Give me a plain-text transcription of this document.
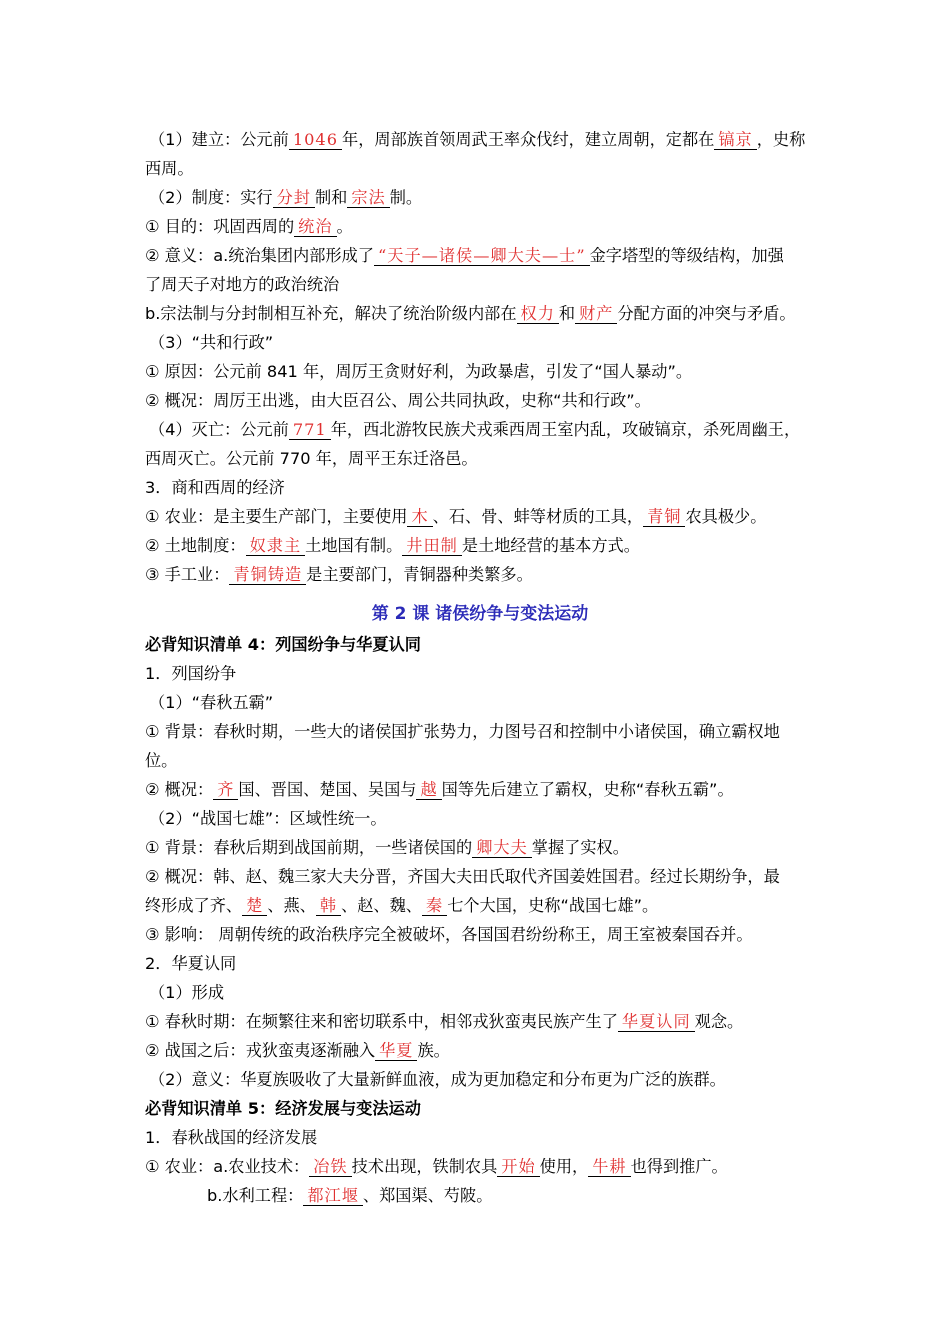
（1）建立：公元前 1046 年，周部族首领周武王率众伐纣，建立周朝，定都在 镐京 ，史称
西周。
（2）制度：实行 分封 制和 宗法 制。
① 目的：巩固西周的 统治 。
② 意义：a.统治集团内部形成了 “天子—诸侯—卿大夫—士” 金字塔型的等级结构，加强
了周天子对地方的政治统治
b.宗法制与分封制相互补充，解决了统治阶级内部在 权力 和 财产 分配方面的冲突与矛盾。
（3）“共和行政”
① 原因：公元前 841 年，周厉王贪财好利，为政暴虐，引发了“国人暴动”。
② 概况：周厉王出逃，由大臣召公、周公共同执政，史称“共和行政”。
（4）灭亡：公元前 771 年，西北游牧民族犬戎乘西周王室内乱，攻破镐京，杀死周幽王，
西周灭亡。公元前 770 年，周平王东迁洛邑。
3．商和西周的经济
① 农业：是主要生产部门，主要使用 木 、石、骨、蚌等材质的工具， 青铜 农具极少。
② 土地制度： 奴隶主 土地国有制。 井田制 是土地经营的基本方式。
③ 手工业： 青铜铸造 是主要部门，青铜器种类繁多。
第 2 课 诸侯纷争与变法运动
必背知识清单 4：列国纷争与华夏认同
1．列国纷争
（1）“春秋五霸”
① 背景：春秋时期，一些大的诸侯国扩张势力，力图号召和控制中小诸侯国，确立霸权地
位。
② 概况： 齐 国、晋国、楚国、吴国与 越 国等先后建立了霸权，史称“春秋五霸”。
（2）“战国七雄”：区域性统一。
① 背景：春秋后期到战国前期，一些诸侯国的 卿大夫 掌握了实权。
② 概况：韩、赵、魏三家大夫分晋，齐国大夫田氏取代齐国姜姓国君。经过长期纷争，最
终形成了齐、 楚 、燕、 韩 、赵、魏、 秦 七个大国，史称“战国七雄”。
③ 影响： 周朝传统的政治秩序完全被破坏，各国国君纷纷称王，周王室被秦国吞并。
2．华夏认同
（1）形成
① 春秋时期：在频繁往来和密切联系中，相邻戎狄蛮夷民族产生了 华夏认同 观念。
② 战国之后：戎狄蛮夷逐渐融入 华夏 族。
（2）意义：华夏族吸收了大量新鲜血液，成为更加稳定和分布更为广泛的族群。
必背知识清单 5：经济发展与变法运动
1．春秋战国的经济发展
① 农业：a.农业技术： 冶铁 技术出现，铁制农具 开始 使用， 牛耕 也得到推广。
b.水利工程： 都江堰 、郑国渠、芍陂。
